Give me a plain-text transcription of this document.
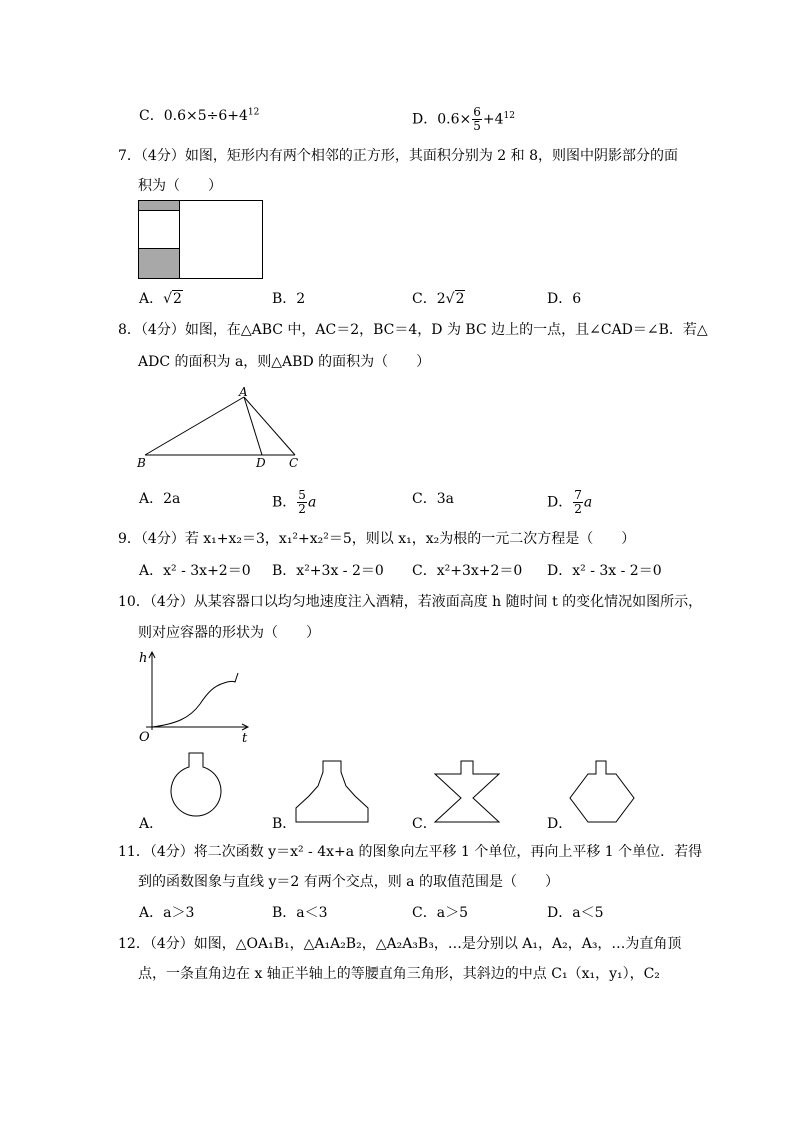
C．$0.6\times 5\div 6+4^{12}$	D．$0.6\times \frac{6}{5} +4^{12}$
7．（4分）如图，矩形内有两个相邻的正方形，其面积分别为 2 和 8，则图中阴影部分的面
积为（　　）
A．√2	B．2	C．2√2	D．6
8．（4分）如图，在△ABC 中，AC＝2，BC＝4，D 为 BC 边上的一点，且∠CAD＝∠B．若△
ADC 的面积为 a，则△ABD 的面积为（　　）
A
B	D C
A．2a	B． $\frac{5}{2}$ a	C．3a	D． $\frac{7}{2}$ a
9．（4分）若 x₁+x₂＝3，x₁²+x₂²＝5，则以 x₁，x₂为根的一元二次方程是（　　）
A．x² - 3x+2＝0 B．x²+3x - 2＝0 C．x²+3x+2＝0 D．x² - 3x - 2＝0
10．（4分）从某容器口以均匀地速度注入酒精，若液面高度 h 随时间 t 的变化情况如图所示，
则对应容器的形状为（　　）
h
O	t
A．	B．	C．	D．
11．（4分）将二次函数 y＝x² - 4x+a 的图象向左平移 1 个单位，再向上平移 1 个单位．若得
到的函数图象与直线 y＝2 有两个交点，则 a 的取值范围是（　　）
A．a＞3	B．a＜3	C．a＞5	D．a＜5
12．（4分）如图，△OA₁B₁，△A₁A₂B₂，△A₂A₃B₃，…是分别以 A₁，A₂，A₃，…为直角顶
点，一条直角边在 x 轴正半轴上的等腰直角三角形，其斜边的中点 C₁（x₁，y₁），C₂
